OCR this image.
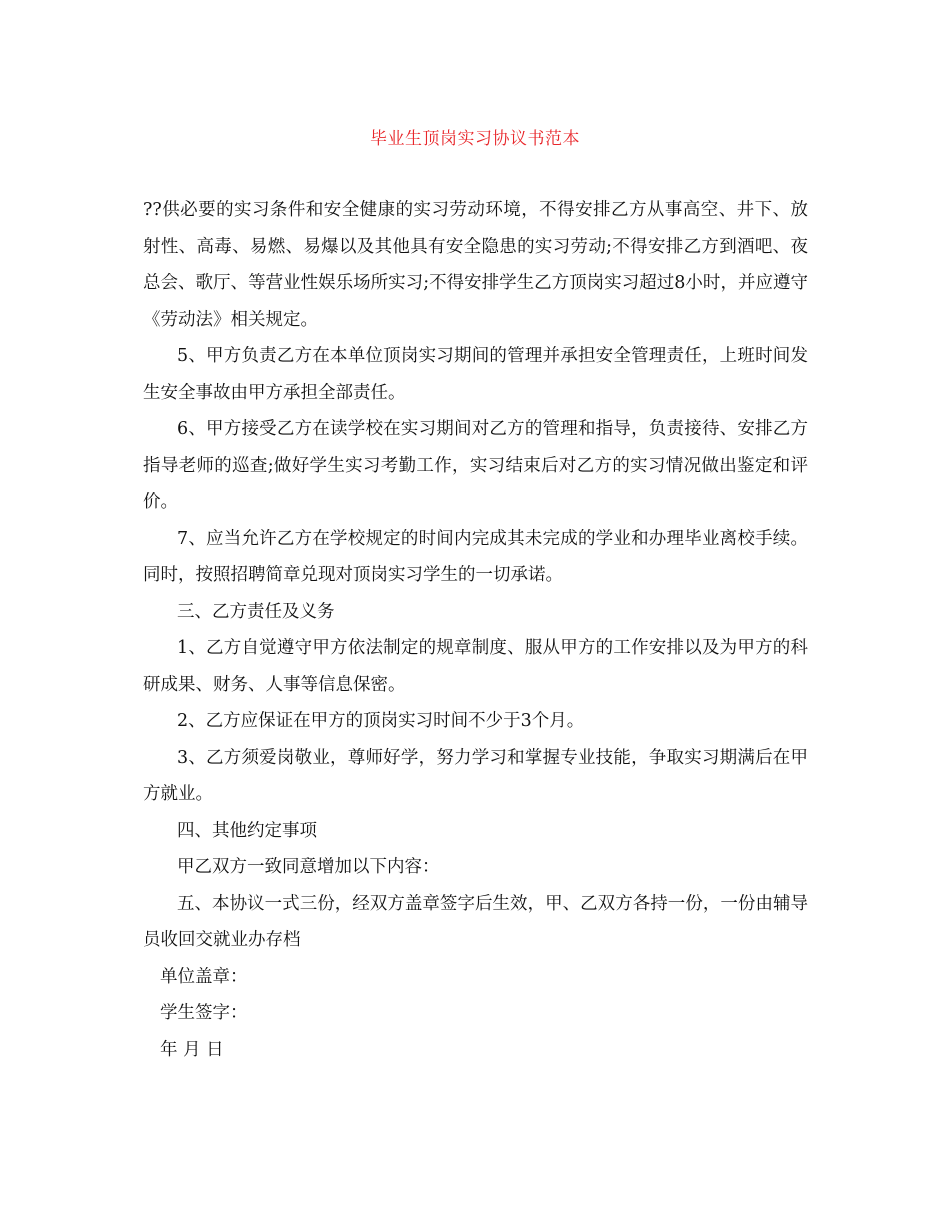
毕业生顶岗实习协议书范本

??供必要的实习条件和安全健康的实习劳动环境，不得安排乙方从事高空、井下、放射性、高毒、易燃、易爆以及其他具有安全隐患的实习劳动;不得安排乙方到酒吧、夜总会、歌厅、等营业性娱乐场所实习;不得安排学生乙方顶岗实习超过8小时，并应遵守《劳动法》相关规定。

5、甲方负责乙方在本单位顶岗实习期间的管理并承担安全管理责任，上班时间发生安全事故由甲方承担全部责任。

6、甲方接受乙方在读学校在实习期间对乙方的管理和指导，负责接待、安排乙方指导老师的巡查;做好学生实习考勤工作，实习结束后对乙方的实习情况做出鉴定和评价。

7、应当允许乙方在学校规定的时间内完成其未完成的学业和办理毕业离校手续。同时，按照招聘简章兑现对顶岗实习学生的一切承诺。

三、乙方责任及义务

1、乙方自觉遵守甲方依法制定的规章制度、服从甲方的工作安排以及为甲方的科研成果、财务、人事等信息保密。

2、乙方应保证在甲方的顶岗实习时间不少于3个月。

3、乙方须爱岗敬业，尊师好学，努力学习和掌握专业技能，争取实习期满后在甲方就业。

四、其他约定事项

甲乙双方一致同意增加以下内容：

五、本协议一式三份，经双方盖章签字后生效，甲、乙双方各持一份，一份由辅导员收回交就业办存档

单位盖章：

学生签字：

年 月 日
